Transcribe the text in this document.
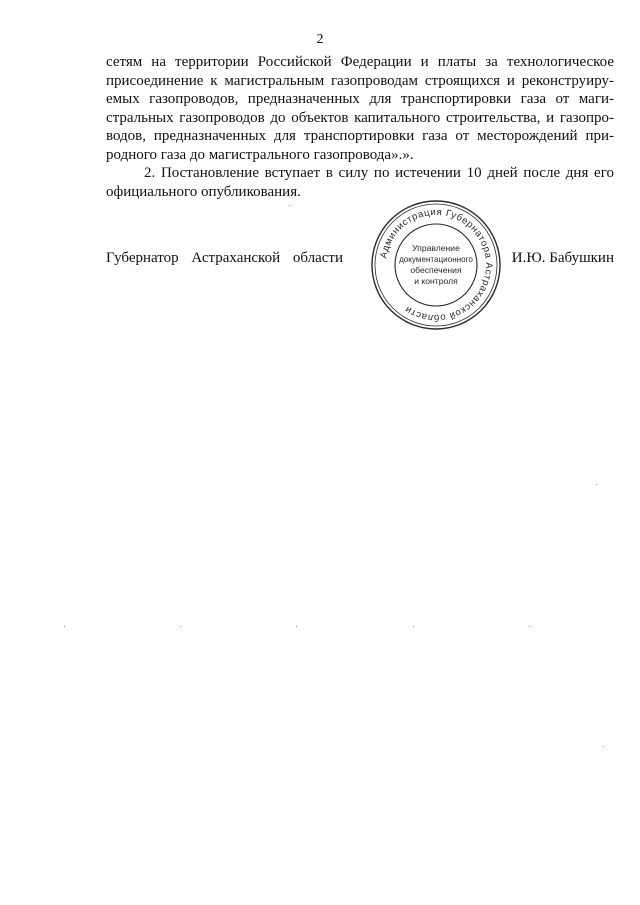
2
сетям на территории Российской Федерации и платы за технологическое
присоединение к магистральным газопроводам строящихся и реконструиру-
емых газопроводов, предназначенных для транспортировки газа от маги-
стральных газопроводов до объектов капитального строительства, и газопро-
водов, предназначенных для транспортировки газа от месторождений при-
родного газа до магистрального газопровода».».
2. Постановление вступает в силу по истечении 10 дней после дня его
официального опубликования.
Губернатор Астраханской области	И.Ю. Бабушкин
Администрация Губернатора Астраханской области
Управление
документационного
обеспечения
и контроля
